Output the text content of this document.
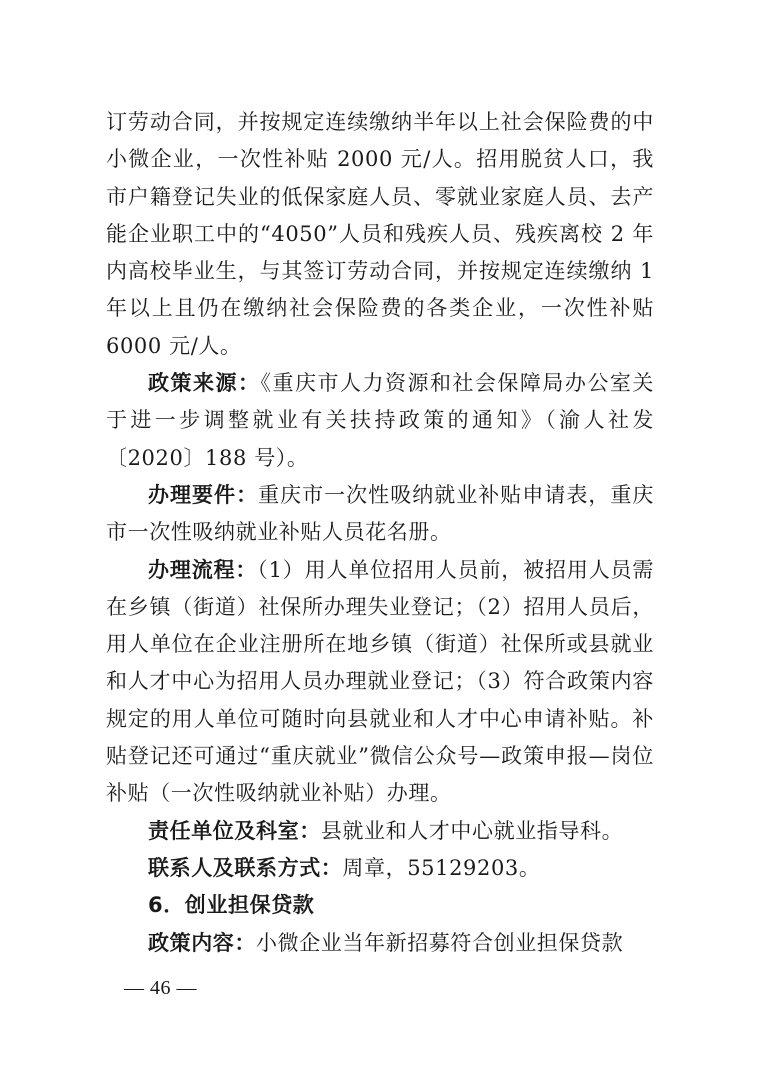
订劳动合同，并按规定连续缴纳半年以上社会保险费的中小微企业，一次性补贴 2000 元/人。招用脱贫人口，我市户籍登记失业的低保家庭人员、零就业家庭人员、去产能企业职工中的“4050”人员和残疾人员、残疾离校 2 年内高校毕业生，与其签订劳动合同，并按规定连续缴纳 1 年以上且仍在缴纳社会保险费的各类企业，一次性补贴 6000 元/人。

政策来源：《重庆市人力资源和社会保障局办公室关于进一步调整就业有关扶持政策的通知》（渝人社发〔2020〕188 号）。

办理要件：重庆市一次性吸纳就业补贴申请表，重庆市一次性吸纳就业补贴人员花名册。

办理流程：（1）用人单位招用人员前，被招用人员需在乡镇（街道）社保所办理失业登记；（2）招用人员后，用人单位在企业注册所在地乡镇（街道）社保所或县就业和人才中心为招用人员办理就业登记；（3）符合政策内容规定的用人单位可随时向县就业和人才中心申请补贴。补贴登记还可通过“重庆就业”微信公众号—政策申报—岗位补贴（一次性吸纳就业补贴）办理。

责任单位及科室：县就业和人才中心就业指导科。

联系人及联系方式：周章，55129203。

6．创业担保贷款

政策内容：小微企业当年新招募符合创业担保贷款

— 46 —
